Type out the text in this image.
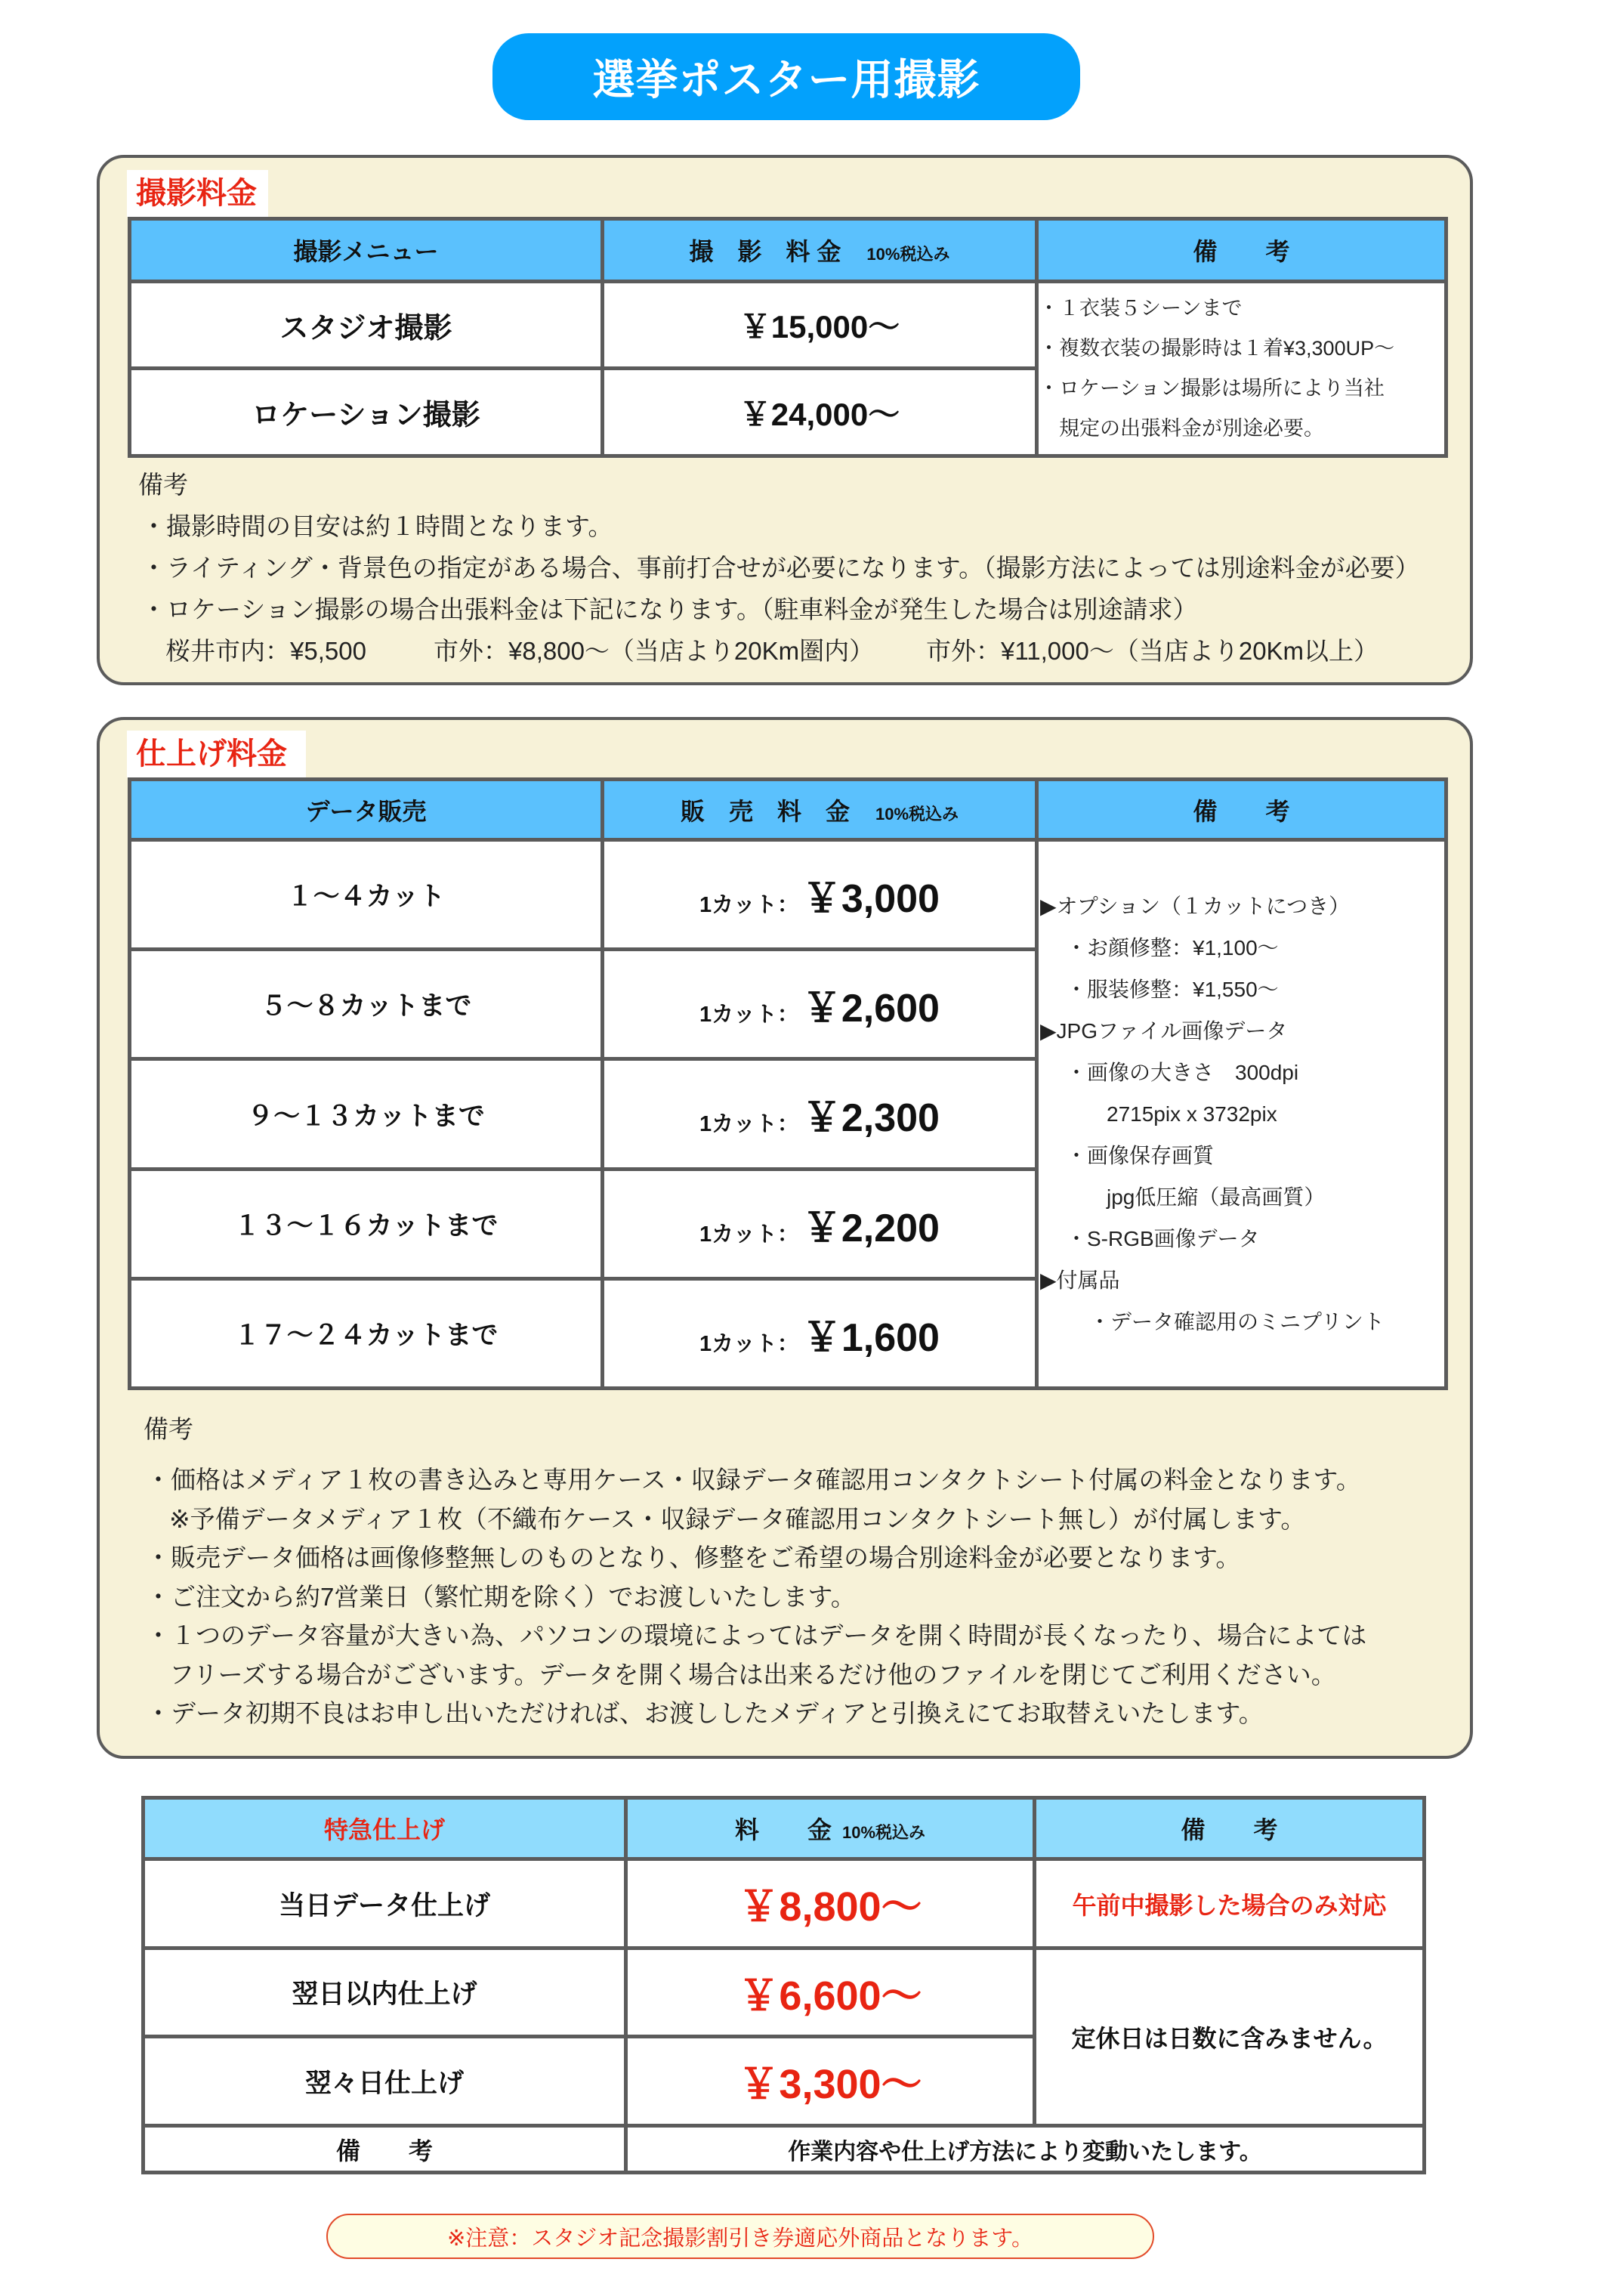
選挙ポスター用撮影
撮影料金
撮影メニュー	撮　影　料 金 10%税込み	備　　考
スタジオ撮影	￥15,000〜
ロケーション撮影	￥24,000〜
・１衣装５シーンまで
・複数衣装の撮影時は１着¥3,300UP〜
・ロケーション撮影は場所により当社
　規定の出張料金が別途必要。
備考
・撮影時間の目安は約１時間となります。
・ライティング・背景色の指定がある場合、事前打合せが必要になります。（撮影方法によっては別途料金が必要）
・ロケーション撮影の場合出張料金は下記になります。（駐車料金が発生した場合は別途請求）
桜井市内：¥5,500	市外：¥8,800〜（当店より20Km圏内） 市外：¥11,000〜（当店より20Km以上）
仕上げ料金
データ販売	販　売　料　金 10%税込み	備　　考
１〜４カット	1カット： ￥3,000
５〜８カットまで	1カット： ￥2,600
９〜１３カットまで	1カット： ￥2,300
１３〜１６カットまで	1カット： ￥2,200
１７〜２４カットまで	1カット： ￥1,600
▶オプション（１カットにつき）
・お顔修整：¥1,100〜
・服装修整：¥1,550〜
▶JPGファイル画像データ
・画像の大きさ　300dpi
2715pix x 3732pix
・画像保存画質
jpg低圧縮（最高画質）
・S-RGB画像データ
▶付属品
・データ確認用のミニプリント
備考
・価格はメディア１枚の書き込みと専用ケース・収録データ確認用コンタクトシート付属の料金となります。
※予備データメディア１枚（不織布ケース・収録データ確認用コンタクトシート無し）が付属します。
・販売データ価格は画像修整無しのものとなり、修整をご希望の場合別途料金が必要となります。
・ご注文から約7営業日（繁忙期を除く）でお渡しいたします。
・１つのデータ容量が大きい為、パソコンの環境によってはデータを開く時間が長くなったり、場合によては
フリーズする場合がございます。データを開く場合は出来るだけ他のファイルを閉じてご利用ください。
・データ初期不良はお申し出いただければ、お渡ししたメディアと引換えにてお取替えいたします。
特急仕上げ	料　　金 10%税込み	備　　考
当日データ仕上げ	￥8,800〜	午前中撮影した場合のみ対応
翌日以内仕上げ	￥6,600〜
翌々日仕上げ	￥3,300〜
定休日は日数に含みません。
備　　考	作業内容や仕上げ方法により変動いたします。
※注意：スタジオ記念撮影割引き券適応外商品となります。
